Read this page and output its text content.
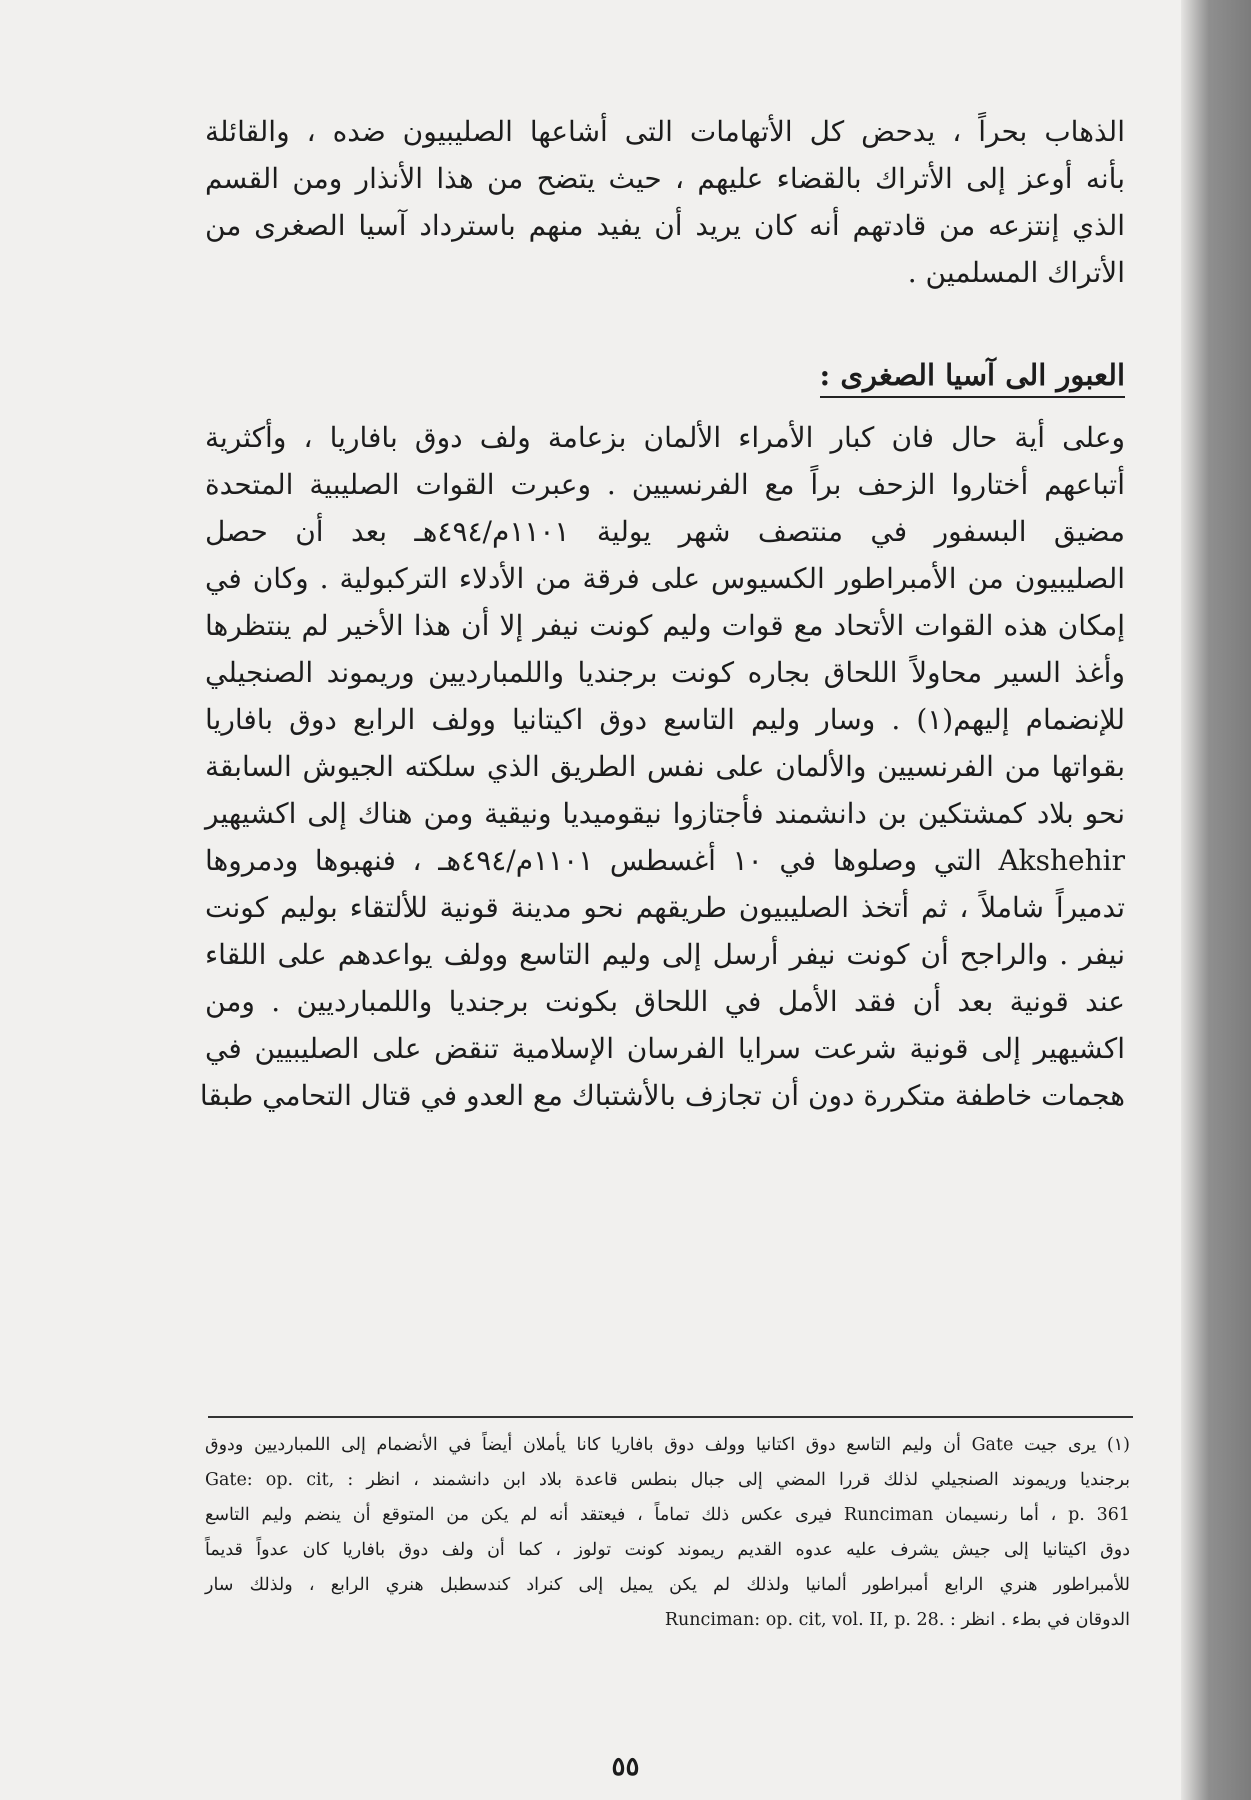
الذهاب بحراً ، يدحض كل الأتهامات التى أشاعها الصليبيون ضده ، والقائلة
بأنه أوعز إلى الأتراك بالقضاء عليهم ، حيث يتضح من هذا الأنذار ومن القسم
الذي إنتزعه من قادتهم أنه كان يريد أن يفيد منهم باسترداد آسيا الصغرى من
الأتراك المسلمين .
العبور الى آسيا الصغرى :
وعلى أية حال فان كبار الأمراء الألمان بزعامة ولف دوق بافاريا ، وأكثرية
أتباعهم أختاروا الزحف براً مع الفرنسيين . وعبرت القوات الصليبية المتحدة
مضيق البسفور في منتصف شهر يولية ١١٠١م/٤٩٤هـ بعد أن حصل
الصليبيون من الأمبراطور الكسيوس على فرقة من الأدلاء التركبولية . وكان في
إمكان هذه القوات الأتحاد مع قوات وليم كونت نيفر إلا أن هذا الأخير لم ينتظرها
وأغذ السير محاولاً اللحاق بجاره كونت برجنديا واللمبارديين وريموند الصنجيلي
للإنضمام إليهم(١) . وسار وليم التاسع دوق اكيتانيا وولف الرابع دوق بافاريا
بقواتها من الفرنسيين والألمان على نفس الطريق الذي سلكته الجيوش السابقة
نحو بلاد كمشتكين بن دانشمند فأجتازوا نيقوميديا ونيقية ومن هناك إلى اكشيهير
Akshehir التي وصلوها في ١٠ أغسطس ١١٠١م/٤٩٤هـ ، فنهبوها ودمروها
تدميراً شاملاً ، ثم أتخذ الصليبيون طريقهم نحو مدينة قونية للألتقاء بوليم كونت
نيفر . والراجح أن كونت نيفر أرسل إلى وليم التاسع وولف يواعدهم على اللقاء
عند قونية بعد أن فقد الأمل في اللحاق بكونت برجنديا واللمبارديين . ومن
اكشيهير إلى قونية شرعت سرايا الفرسان الإسلامية تنقض على الصليبيين في
هجمات خاطفة متكررة دون أن تجازف بالأشتباك مع العدو في قتال التحامي طبقا
(١) يرى جيت Gate أن وليم التاسع دوق اكتانيا وولف دوق بافاريا كانا يأملان أيضاً في الأنضمام إلى اللمبارديين ودوق
برجنديا وريموند الصنجيلي لذلك قررا المضي إلى جبال بنطس قاعدة بلاد ابن دانشمند ، انظر : ,Gate: op. cit
p. 361 ، أما رنسيمان Runciman فيرى عكس ذلك تماماً ، فيعتقد أنه لم يكن من المتوقع أن ينضم وليم التاسع
دوق اكيتانيا إلى جيش يشرف عليه عدوه القديم ريموند كونت تولوز ، كما أن ولف دوق بافاريا كان عدواً قديماً
للأمبراطور هنري الرابع أمبراطور ألمانيا ولذلك لم يكن يميل إلى كنراد كندسطبل هنري الرابع ، ولذلك سار
الدوقان في بطء . انظر : .Runciman: op. cit, vol. II, p. 28
٥٥
